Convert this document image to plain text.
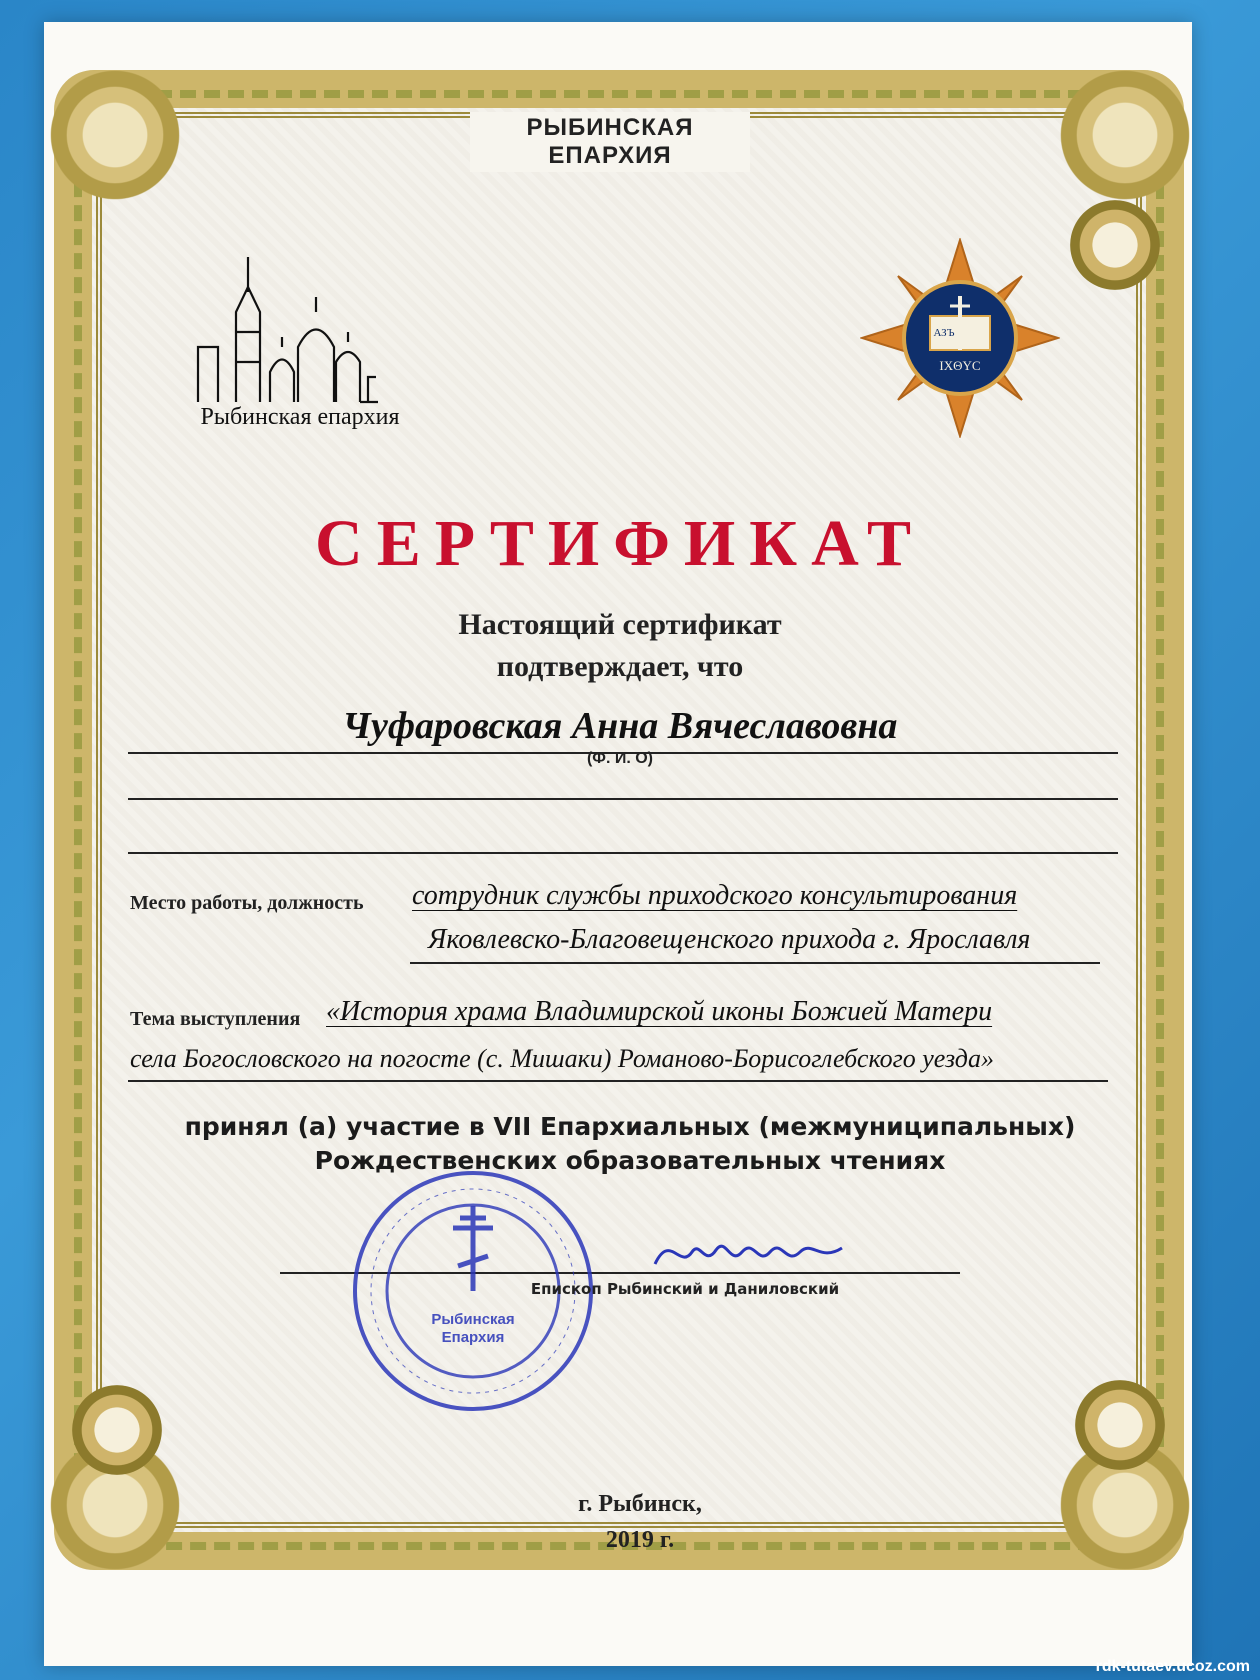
РЫБИНСКАЯ
ЕПАРХИЯ
Рыбинская епархия
АЗЪ
IXΘYC
СЕРТИФИКАТ
Настоящий сертификат
подтверждает, что
Чуфаровская Анна Вячеславовна
(Ф. И. О)
Место работы, должность сотрудник службы приходского консультирования
Яковлевско-Благовещенского прихода г. Ярославля
Тема выступления «История храма Владимирской иконы Божией Матери
села Богословского на погосте (с. Мишаки) Романово-Борисоглебского уезда»
принял (а) участие в VII Епархиальных (межмуниципальных)
Рождественских образовательных чтениях
Рыбинская
Епархия
Епископ Рыбинский и Даниловский
г. Рыбинск,
2019 г.
rdk-tutaev.ucoz.com
